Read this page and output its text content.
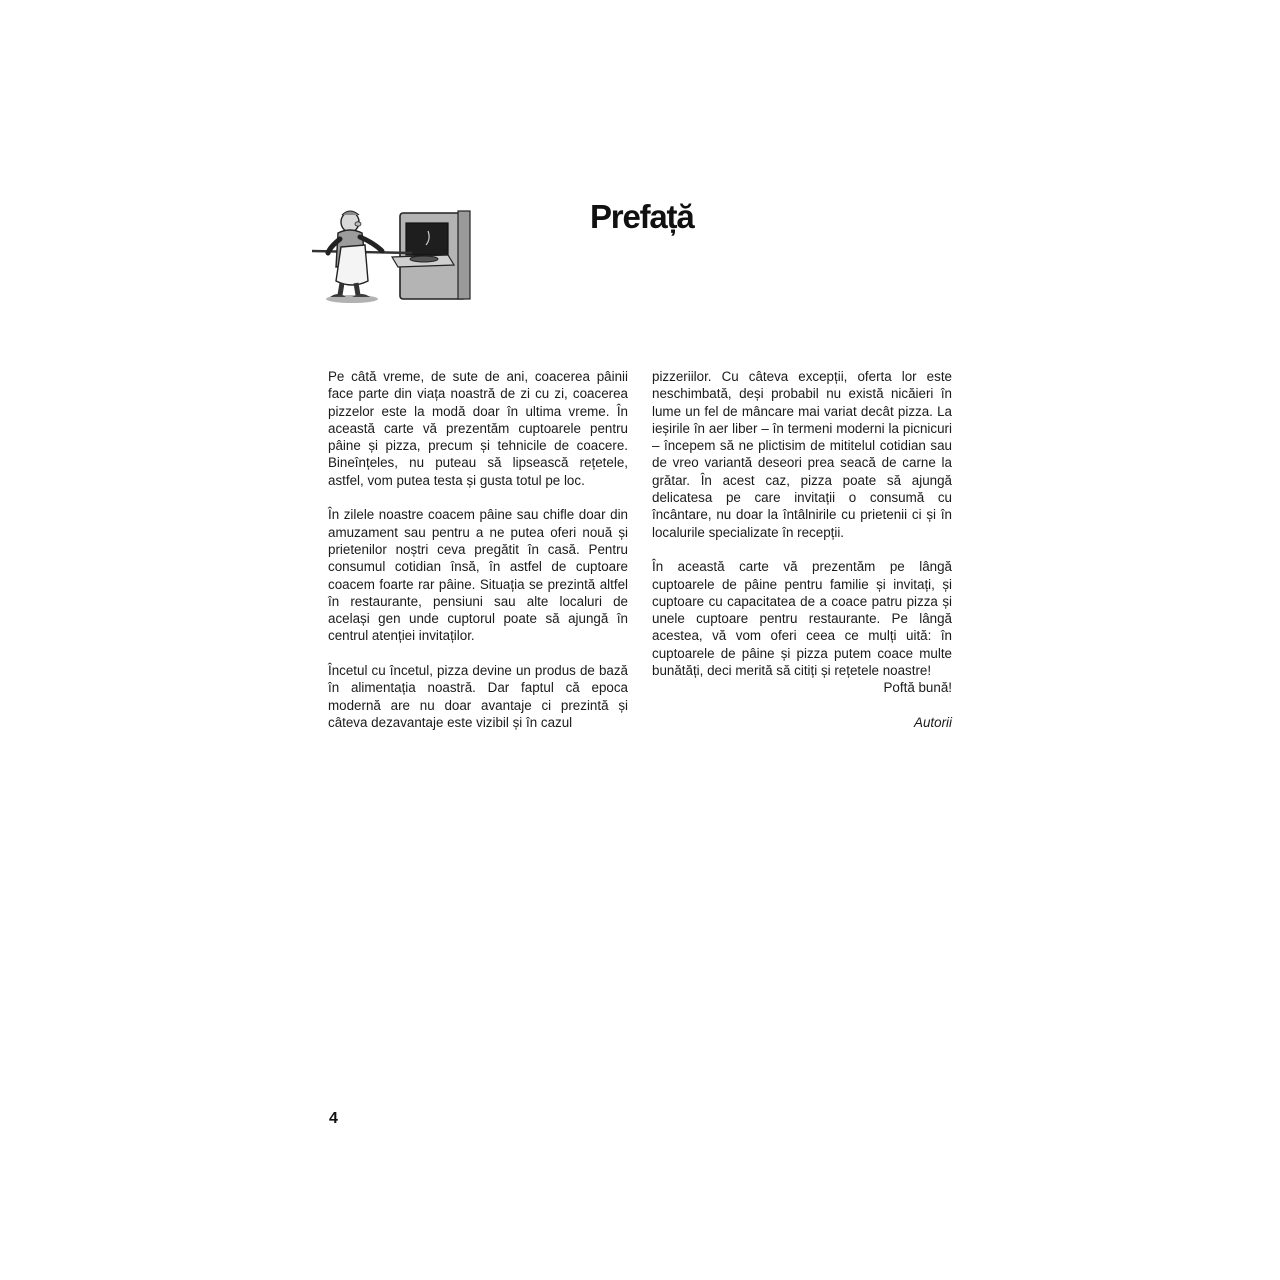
Prefață

Pe câtă vreme, de sute de ani, coacerea pâinii face parte din viața noastră de zi cu zi, coacerea pizzelor este la modă doar în ultima vreme. În această carte vă prezentăm cuptoarele pentru pâine și pizza, precum și tehnicile de coacere. Bineînțeles, nu puteau să lipsească rețetele, astfel, vom putea testa și gusta totul pe loc.

În zilele noastre coacem pâine sau chifle doar din amuzament sau pentru a ne putea oferi nouă și prietenilor noștri ceva pregătit în casă. Pentru consumul cotidian însă, în astfel de cuptoare coacem foarte rar pâine. Situația se prezintă altfel în restaurante, pensiuni sau alte localuri de același gen unde cuptorul poate să ajungă în centrul atenției invitaților.

Încetul cu încetul, pizza devine un produs de bază în alimentația noastră. Dar faptul că epoca modernă are nu doar avantaje ci prezintă și câteva dezavantaje este vizibil și în cazul

pizzeriilor. Cu câteva excepții, oferta lor este neschimbată, deși probabil nu există nicăieri în lume un fel de mâncare mai variat decât pizza. La ieșirile în aer liber – în termeni moderni la picnicuri – începem să ne plictisim de mititelul cotidian sau de vreo variantă deseori prea seacă de carne la grătar. În acest caz, pizza poate să ajungă delicatesa pe care invitații o consumă cu încântare, nu doar la întâlnirile cu prietenii ci și în localurile specializate în recepții.

În această carte vă prezentăm pe lângă cuptoarele de pâine pentru familie și invitați, și cuptoare cu capacitatea de a coace patru pizza și unele cuptoare pentru restaurante. Pe lângă acestea, vă vom oferi ceea ce mulți uită: în cuptoarele de pâine și pizza putem coace multe bunătăți, deci merită să citiți și rețetele noastre!

Poftă bună!

Autorii

4
